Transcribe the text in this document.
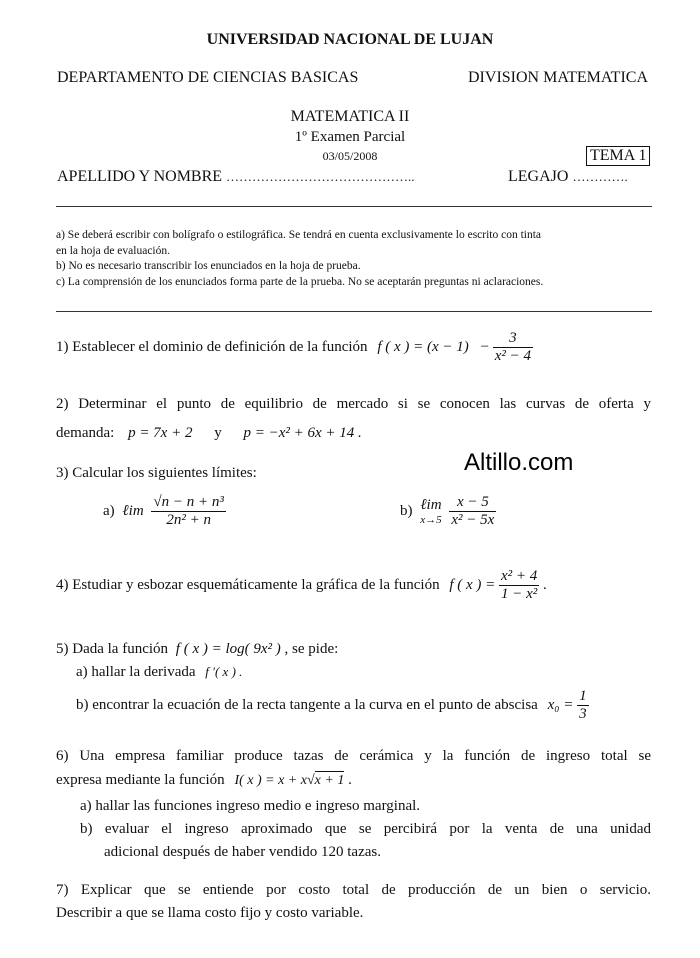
UNIVERSIDAD NACIONAL DE LUJAN
DEPARTAMENTO DE CIENCIAS BASICAS	DIVISION MATEMATICA
MATEMATICA II
1º Examen Parcial
03/05/2008	TEMA 1
APELLIDO Y NOMBRE ……………………………………..	LEGAJO ………….
a) Se deberá escribir con bolígrafo o estilográfica. Se tendrá en cuenta exclusivamente lo escrito con tinta
en la hoja de evaluación.
b) No es necesario transcribir los enunciados en la hoja de prueba.
c) La comprensión de los enunciados forma parte de la prueba. No se aceptarán preguntas ni aclaraciones.
1) Establecer el dominio de definición de la función f ( x ) = $(x - 1) - \frac{3}{\text{x² − 4}}$
2) Determinar el punto de equilibrio de mercado si se conocen las curvas de oferta y
demanda: p = 7x + 2 y p = −x² + 6x + 14 .
Altillo.com
3) Calcular los siguientes límites:
a) ℓim $\frac{\text{√n − n + n³}}{\text{2n² + n}}$	b) ℓim
x→5
$\frac{x - 5}{\text{x² − 5x}}$
4) Estudiar y esbozar esquemáticamente la gráfica de la función f ( x ) = $\frac{\text{x² + 4}}{\text{1 − x²}}$ .
5) Dada la función f ( x ) = log( 9x² ) , se pide:
a) hallar la derivada f ′( x ) .
b) encontrar la ecuación de la recta tangente a la curva en el punto de abscisa $x_0 = \frac{1}{3}$
6) Una empresa familiar produce tazas de cerámica y la función de ingreso total se
expresa mediante la función I( x ) = x + x√x + 1 .
a) hallar las funciones ingreso medio e ingreso marginal.
b) evaluar el ingreso aproximado que se percibirá por la venta de una unidad
adicional después de haber vendido 120 tazas.
7) Explicar que se entiende por costo total de producción de un bien o servicio.
Describir a que se llama costo fijo y costo variable.
